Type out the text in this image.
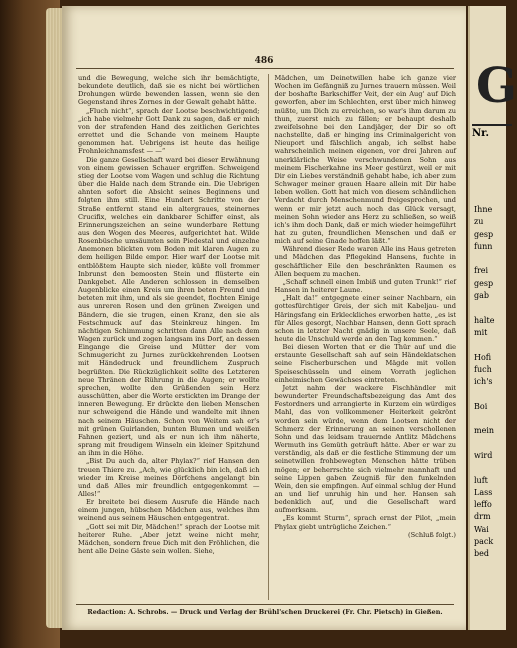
486

und die Bewegung, welche sich ihr bemächtigte, bekundete deutlich, daß sie es nicht bei wörtlichen Drohungen würde bewenden lassen, wenn sie den Gegenstand ihres Zornes in der Gewalt gehabt hätte.

„Fluch nicht“, sprach der Lootse beschwichtigend; „ich habe vielmehr Gott Dank zu sagen, daß er mich von der strafenden Hand des zeitlichen Gerichtes errettet und die Schande von meinem Haupte genommen hat. Uebrigens ist heute das heilige Frohnleichnamsfest — —“

Die ganze Gesellschaft ward bei dieser Erwähnung von einem gewissen Schauer ergriffen. Schweigend stieg der Lootse vom Wagen und schlug die Richtung über die Halde nach dem Strande ein. Die Uebrigen ahnten sofort die Absicht seines Beginnens und folgten ihm still. Eine Hundert Schritte von der Straße entfernt stand ein altergraues, steinernes Crucifix, welches ein dankbarer Schiffer einst, als Erinnerungszeichen an seine wunderbare Rettung aus den Wogen des Meeres, aufgerichtet hat. Wilde Rosenbüsche umsäumten sein Piedestal und einzelne Anemonen blickten vom Boden mit klaren Augen zu dem heiligen Bilde empor. Hier warf der Lootse mit entblößtem Haupte sich nieder, küßte voll frommer Inbrunst den bemoosten Stein und flüsterte ein Dankgebet. Alle Anderen schlossen in demselben Augenblicke einen Kreis um ihren beten Freund und beteten mit ihm, und als sie geendet, flochten Einige aus unreren Rosen und den grünen Zweigen und Bändern, die sie trugen, einen Kranz, den sie als Festschmuck auf das Steinkreuz hingen. Im nächtigen Schimmung schritten dann Alle nach dem Wagen zurück und zogen langsam ins Dorf, an dessen Eingange die Greise und Mütter der vom Schmugericht zu Jurnes zurückkehrenden Lootsen mit Händedruck und freundlichem Zuspruch begrüßten. Die Rückzüglichkeit sollte des Letzteren neue Thränen der Rührung in die Augen; er wollte sprechen, wollte den Grüßenden sein Herz ausschütten, aber die Worte erstickten im Drange der inneren Bewegung. Er drückte den lieben Menschen nur schweigend die Hände und wandelte mit ihnen nach seinem Häuschen. Schon von Weitem sah er's mit grünen Guirlanden, bunten Blumen und weißen Fahnen geziert, und als er nun ich ihm näherte, sprang mit freudigem Winseln ein kleiner Spitzhund an ihm in die Höhe.

„Bist Du auch da, alter Phylax?“ rief Hansen den treuen Thiere zu. „Ach, wie glücklich bin ich, daß ich wieder im Kreise meines Dörfchens angelangt bin und daß Alles mir freundlich entgegenkommt — Alles!“

Er breitete bei diesem Ausrufe die Hände nach einem jungen, hübschen Mädchen aus, welches ihm weinend aus seinem Häuschen entgegentrat.

„Gott sei mit Dir, Mädchen!“ sprach der Lootse mit heiterer Ruhe. „Aber jetzt weine nicht mehr, Mädchen, sondern freue Dich mit den Fröhlichen, die hent alle Deine Gäste sein wollen. Siehe,

Mädchen, um Deinetwillen habe ich ganze vier Wochen im Gefängniß zu Jurnes trauern müssen. Weil der boshafte Barkschiffer Veit, der ein Aug' auf Dich geworfen, aber im Schlechten, erst über mich hinweg müßte, um Dich zu erreichen, so war's ihm darum zu thun, zuerst mich zu fällen; er behaupt deshalb zweifelsohne bei den Landjäger, der Dir so oft nachstellte, daß er hinging ins Criminalgericht von Nieuport und fälschlich angab, ich selbst habe wahrscheinlich meinen eigenen, vor drei Jahren auf unerklärliche Weise verschwundenen Sohn aus meinem Fischerkahne ins Meer gestürzt, weil er mit Dir ein Liebes verständniß gehabt habe, ich aber zum Schwager meiner grauen Haare allein mit Dir habe leben wollen. Gott hat mich von diesem schändlichen Verdacht durch Menschenmund freigesprochen, und wenn er mir jetzt auch noch das Glück versagt, meinen Sohn wieder ans Herz zu schließen, so weiß ich's ihm doch Dank, daß er mich wieder heimgeführt hat zu guten, freundlichen Menschen und daß er mich auf seine Gnade hoffen läßt.“

Während dieser Rede waren Alle ins Haus getreten und Mädchen das Pflegekind Hansens, fuchte in geschäftlicher Eile den beschränkten Raumen es Allen bequem zu machen.

„Schaff schnell einen Imbiß und guten Trunk!“ rief Hansen in heiterer Laune.

„Halt da!“ entgegnete einer seiner Nachbarn, ein gottesfürchtiger Greis, der sich mit Kabeljau- und Häringsfang ein Erkleckliches erworben hatte, „es ist für Alles gesorgt, Nachbar Hansen, denn Gott sprach schon in letzter Nacht gnädig in unsere Seele, daß heute die Unschuld werde an den Tag kommen.“

Bei diesen Worten that er die Thür auf und die erstaunte Gesellschaft sah auf sein Händeklatschen seine Fischerburschen und Mägde mit vollen Speiseschüsseln und einem Vorrath jeglichen einheimischen Gewächses eintreten.

Jetzt nahm der wackere Fischhändler mit bewunderter Freundschaftsbezeigung das Amt des Festordners und arrangierte in Kurzem ein würdiges Mahl, das von vollkommener Heiterkeit gekrönt worden sein würde, wenn dem Lootsen nicht der Schmerz der Erinnerung an seinen verschollenen Sohn und das leidsam trauernde Antlitz Mädchens Wermuth ins Gemüth geträuft hätte. Aber er war zu verständig, als daß er die festliche Stimmung der um seinetwillen frohbewegten Menschen hätte trüben mögen; er beherrschte sich vielmehr mannhaft und seine Lippen gaben Zeugniß für den funkelnden Wein, den sie empfingen. Auf einmal schlug der Hund an und lief unruhig hin und her. Hansen sah bedenklich auf, und die Gesellschaft ward aufmerksam.

„Es kommt Sturm“, sprach ernst der Pilot, „mein Phylax giebt untrügliche Zeichen.“

(Schluß folgt.)

Redaction: A. Schrobs. — Druck und Verlag der Brühl'schen Druckerei (Fr. Chr. Pietsch) in Gießen.
G
Nr.
Ihne
zu
gesp
funn

frei
gesp
gab

halte
mit

Hofi
fuch
ich's

Boi

mein

wird

luft
Lass
leffo
drm
Wai
pack
bed
